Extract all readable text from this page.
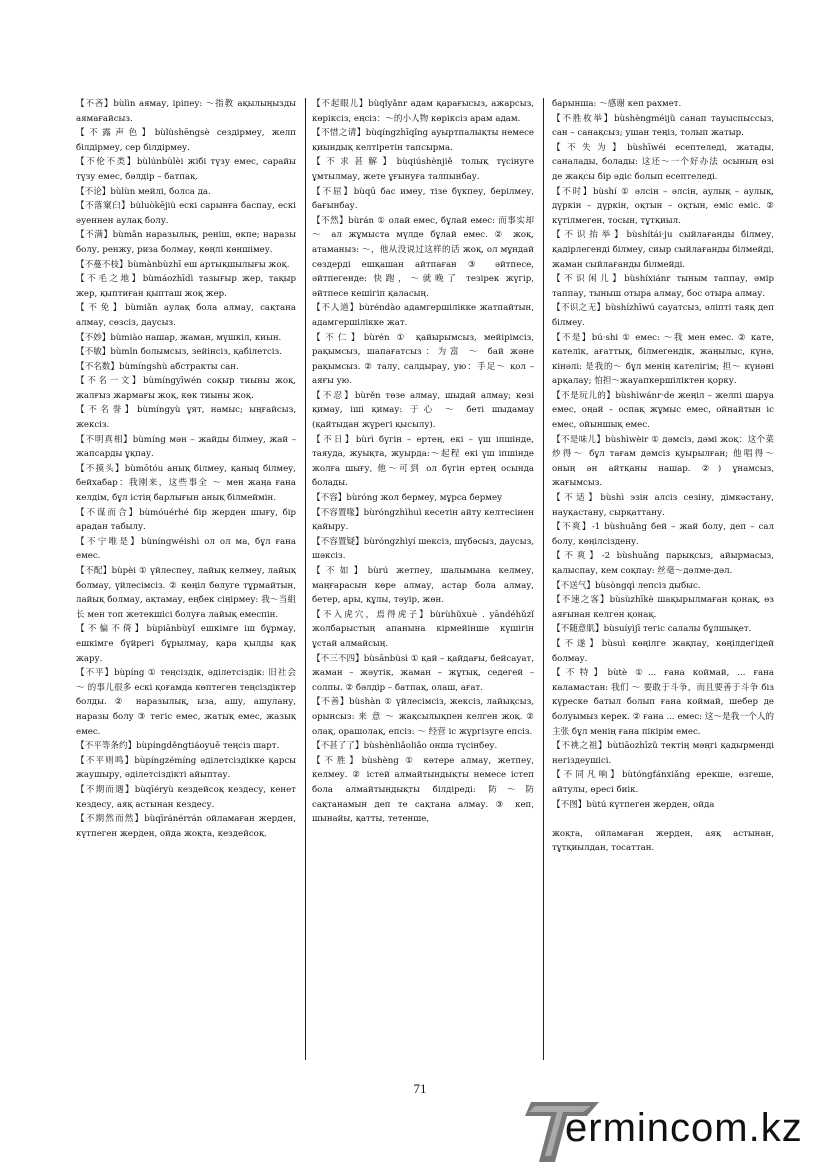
【不吝】bùlìn аямау, іріпеу: ～指教 ақылыңызды аямағайсыз.

【不露声色】bùlùshēngsè сездірмеу, желп білдірмеу, сер білдірмеу.

【不伦不类】bùlúnbùlèі жібі түзу емес, сарайы түзу емес, бәлдір – батпақ.

【不论】bùlùn мейлі, болса да.

【不落窠臼】bùluòkējiù ескі сарынға баспау, ескі әуеннен аулақ болу.

【不满】bùmǎn наразылық, реніш, өкпе; наразы болу, ренжу, риза болмау, көңлі көншімеу.

【不蔓不枝】bùmànbùzhī еш артықшылығы жоқ.

【不毛之地】bùmáozhīdì тазығыр жер, тақыр жер, қыптиған қыпташ жоқ жер.

【不免】bùmiǎn аулақ бола алмау, сақтана алмау, сөзсіз, даусыз.

【不妙】bùmiào нашар, жаман, мүшкіл, киын.

【不敏】bùmǐn болымсыз, зейінсіз, қабілетсіз.

【不名数】bùmíngshù абстракты сан.

【不名一文】bùmíngyīwén соқыр тиыны жоқ, жалғыз жармағы жоқ, көк тиыны жоқ.

【不名誉】bùmíngyù ұят, намыс; ыңғайсыз, жексіз.

【不明真相】bùmíng мән – жайды білмеу, жай – жапсарды ұқпау.

【不摸头】bùmōtóu анық білмеу, қаныq білмеу, бейхабар：我刚来，这些事全 ～ мен жаңа ғана келдім, бұл істің барлығын анық білмеймін.

【不谋而合】bùmóuérhé бір жерден шығу, бір арадан табылу.

【不宁唯是】bùníngwéishì ол ол ма, бұл ғана емес.

【不配】bùpèi ① үйлеспеу, лайық келмеу, лайық болмау, үйлесімсіз. ② көңіл бөлуге тұрмайтын, лайық болмау, ақтамау, еңбек сіңірмеу: 我～当組长 мен топ жетекшісі болуға лайық емеспін.

【不偏不倚】bùpiānbùyǐ ешкімге іш бұрмау, ешкімге бүйрегі бұрылмау, қара қылды қақ жару.

【不平】bùpíng ① теңсіздік, әділетсіздік: 旧社会 ～ 的事儿很多 ескі қоғамда көптеген теңсіздіктер болды. ② наразылық, ыза, ашу, ашулану, наразы болу ③ тегіс емес, жатық емес, жазық емес.

【不平等条约】bùpíngděngtiáoyuē теңсіз шарт.

【不平则鸣】bùpíngzémíng әділетсіздікке қарсы жаушыру, әділетсіздікті айыптау.

【不期而遇】bùqīéryù кездейсоқ кездесу, кенет кездесу, аяқ астынан кездесу.

【不期然而然】bùqīránérrán ойламаған жерден, күтпеген жерден, ойда жоқта, кездейсоқ.

【不起眼儿】bùqǐyǎnr адам қарағысыз, ажарсыз, көріксіз, еңсіз：～的小人物 көріксіз арам адам.

【不惜之请】bùqíngzhīqǐng ауыртпалықты немесе қиындық келтіретін тапсырма.

【不求甚解】bùqiúshènjiě толық түсінуге ұмтылмау, жете ұғынуға талпынбау.

【不屈】bùqū бас имеу, тізе бүкпеу, берілмеу, бағынбау.

【不然】bùrán ① олай емес, бұлай емес: 而事实却 ～ ал жұмыста мүлде бұлай емес. ② жоқ, атаманыз: ～，他从没说过这样的话 жоқ, ол мұндай сөздерді ешқашан айтпаған ③ әйтпесе, әйтпегенде: 快跑，～就晚了 тезірек жүгір, әйтпесе кешігіп қаласың.

【不人道】bùréndào адамгершілікке жатпайтын, адамгершілікке жат.

【不仁】bùrén ① қайырымсыз, мейірімсіз, рақымсыз, шапағатсыз：为富 ～ бай және рақымсыз. ② талу, салдырау, ую：手足～ қол – аяғы ую.

【不忍】bùrěn төзе алмау, шыдай алмау; көзі қимау, іші қимау: 于心 ～ беті шыдамау (қайтыдан жүрегі қысылу).

【不日】bùrì бүгін – ертең, екі – үш іпшінде, таяуда, жуықта, жуырда:～起程 екі үш іпшінде жолға шығу, 他～可到 ол бүгін ертең осында болады.

【不容】bùróng жол бермеу, мұрса бермеу

【不容置喙】bùróngzhìhuì кесетін айту келтесінен қайыру.

【不容置疑】bùróngzhìyí шексіз, шүбәсыз, даусыз, шәксіз.

【不如】bùrú жетпеу, шалымына келмеу, маңғарасын көре алмау, астар бола алмау, бетер, ары, құлы, тәуір, жөн.

【不入虎穴，焉得虎子】bùrùhǔxuè . yāndéhǔzǐ жолбарыстың апанына кірмейінше күшігін ұстай алмайсың.

【不三不四】bùsānbùsì ① қай – қайдағы, бейсауат, жаман – жәутік, жаман – жұтық, седегей – солпы. ② бәлдір – батпақ, олаш, ағат.

【不善】bùshàn ① үйлесімсіз, жексіз, лайықсыз, орынсыз: 来 意 ～ жақсылықпен келген жоқ. ② олақ, орашолақ, епсіз: ～ 经营 іс жүргізуге епсіз.

【不甚了了】bùshènliǎoliǎo онша түсінбеу.

【不胜】bùshèng ① көтере алмау, жетпеу, келмеу. ② істей алмайтындықты немесе істеп бола алмайтындықты білдіреді: 防～防 сақтанамын деп те сақтана алмау. ③ кеп, шынайы, қатты, тетенше,

барынша: ～感谢 кеп рахмет.

【不胜枚举】bùshèngméijǔ санап тауыспыссыз, сан – санақсыз; ушан теңіз, толып жатыр.

【不失为】bùshīwéi есептеледі, жатады, саналады, болады: 这还～一个好办法 осының өзі де жақсы бір әдіс болып есептеледі.

【不时】bùshí ① әлсін – әлсін, аулық – аулық, дүркін – дүркін, оқтын – оқтын, еміс еміс. ② күтілмеген, тосын, тұтқиыл.

【不识抬举】bùshítái·ju сыйлағанды білмеу, қадірлегенді білмеу, сиыр сыйлағанды білмейді, жаман сыйлағанды білмейді.

【不识闲儿】bùshíxiánr тыным таппау, әмір таппау, тыныш отыра алмау, бос отыра алмау.

【不识之无】bùshízhīwú сауатсыз, әліпті таяқ деп білмеу.

【不是】bú·shi ① емес: ～我 мен емес. ② кате, кателік, ағаттық, білмегендік, жаңылыс, күнә, кінәлі: 是我的～ бұл менің кателігім; 担～ күнәні арқалау; 怕担～жауапкершіліктен қорку.

【不是玩儿的】bùshìwánr·de жеңіл – желпі шаруа емес, оңай – оспақ жұмыс емес, ойнайтын іс емес, ойыншық емес.

【不是味儿】bùshìwèir ① дәмсіз, дәмі жоқ：这个菜炒得～ бұл тағам дәмсіз қуырылған; 他唱得～ оның ән айтқаны нашар. ②) ұнамсыз, жағымсыз.

【不适】bùshì эзін алсіз сезіну, дімкәстану, науқастану, сырқаттану.

【不爽】-1 bùshuǎng бей – жай болу, деп – сал болу, көңілсіздену.

【不爽】-2 bùshuǎng парықсыз, айырмасыз, қалыспау, кем соқпау: 丝毫～дәлме-дәл.

【不送气】bùsòngqì лепсіз дыбыс.

【不速之客】bùsùzhīkè шақырылмаған қонақ, өз аяғынан келген қонақ.

【不随意肌】bùsuíyìjī тегіс салалы бұлшықет.

【不遂】bùsuì көңілге жақпау, көңілдегідей болмау.

【不特】bùtè ①... ғана коймай, ... ғана каламастан: 我们 ～ 要敢于斗争，而且要善于斗争 біз күреске батыл болып ғана коймай, шебер де болуымыз керек. ② ғана ... емес: 这～是我一个人的主张 бұл менің ғана пікірім емес.

【不祧之祖】bùtiāozhīzǔ тектің мәңгі қадырменді негіздеушісі.

【不同凡响】bùtóngfánxiǎng ерекше, өзгеше, айтулы, өресі биік.

【不图】bùtú күтпеген жерден, ойда

жоқта, ойламаған жерден, аяқ астынан, тұтқиылдан, тосаттан.

71
ermincom.kz
